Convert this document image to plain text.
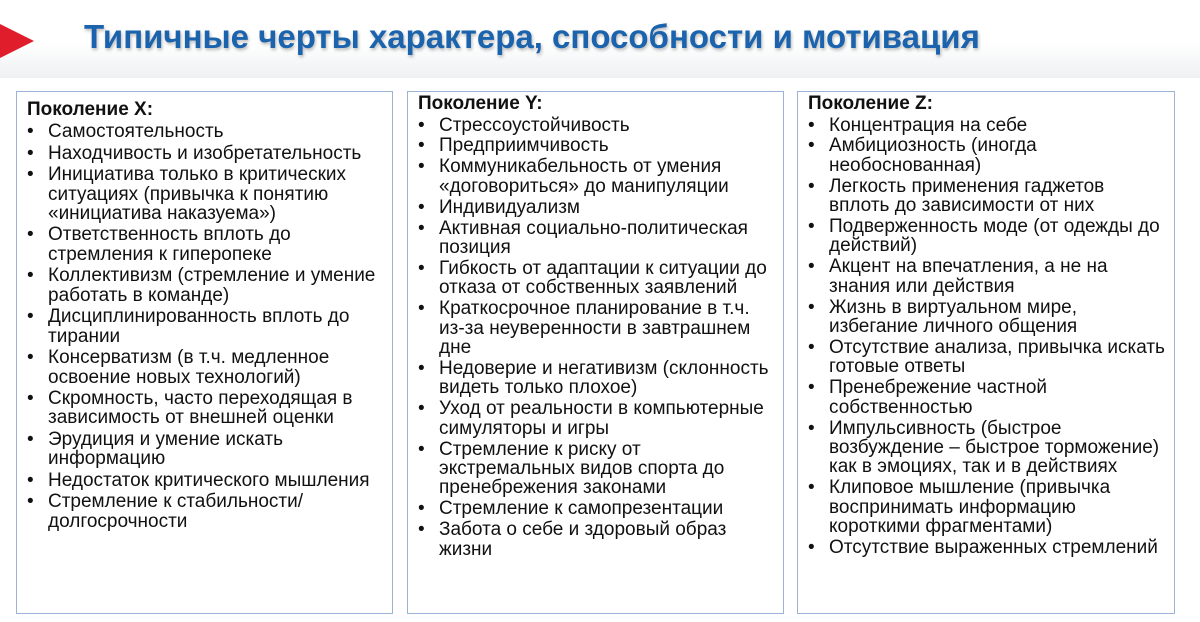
Типичные черты характера, способности и мотивация
Поколение X:
• Самостоятельность
• Находчивость и изобретательность
• Инициатива только в критических ситуациях (привычка к понятию «инициатива наказуема»)
• Ответственность вплоть до стремления к гиперопеке
• Коллективизм (стремление и умение работать в команде)
• Дисциплинированность вплоть до тирании
• Консерватизм (в т.ч. медленное освоение новых технологий)
• Скромность, часто переходящая в зависимость от внешней оценки
• Эрудиция и умение искать информацию
• Недостаток критического мышления
• Стремление к стабильности/ долгосрочности
Поколение Y:
• Стрессоустойчивость
• Предприимчивость
• Коммуникабельность от умения «договориться» до манипуляции
• Индивидуализм
• Активная социально-политическая позиция
• Гибкость от адаптации к ситуации до отказа от собственных заявлений
• Краткосрочное планирование в т.ч. из-за неуверенности в завтрашнем дне
• Недоверие и негативизм (склонность видеть только плохое)
• Уход от реальности в компьютерные симуляторы и игры
• Стремление к риску от экстремальных видов спорта до пренебрежения законами
• Стремление к самопрезентации
• Забота о себе и здоровый образ жизни
Поколение Z:
• Концентрация на себе
• Амбициозность (иногда необоснованная)
• Легкость применения гаджетов вплоть до зависимости от них
• Подверженность моде (от одежды до действий)
• Акцент на впечатления, а не на знания или действия
• Жизнь в виртуальном мире, избегание личного общения
• Отсутствие анализа, привычка искать готовые ответы
• Пренебрежение частной собственностью
• Импульсивность (быстрое возбуждение – быстрое торможение) как в эмоциях, так и в действиях
• Клиповое мышление (привычка воспринимать информацию короткими фрагментами)
• Отсутствие выраженных стремлений
